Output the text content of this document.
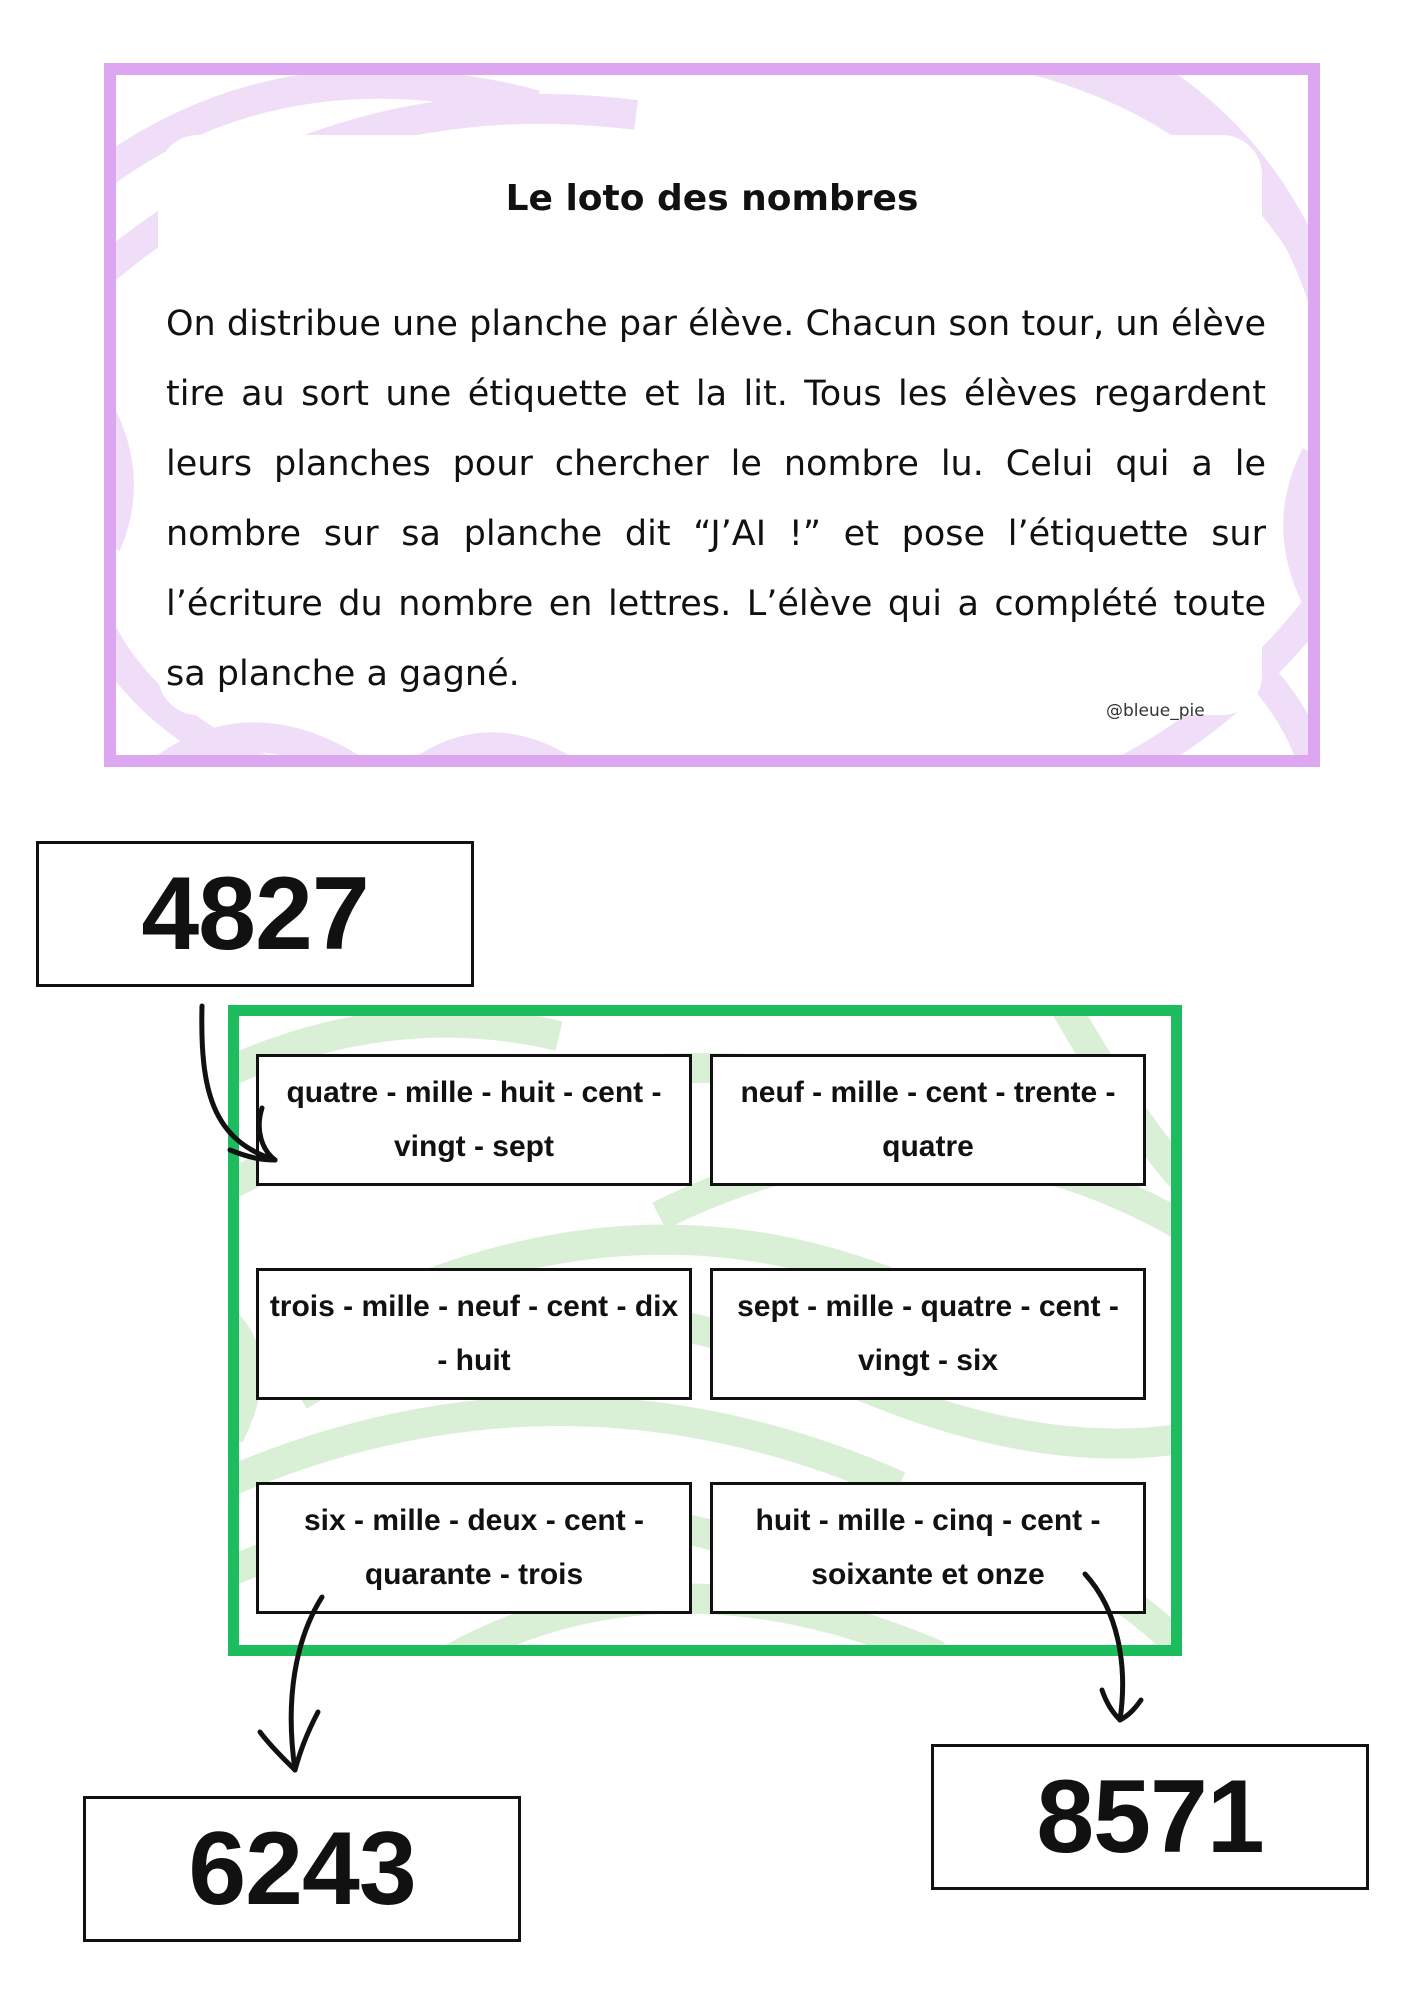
Le loto des nombres

On distribue une planche par élève. Chacun son tour, un élève tire au sort une étiquette et la lit. Tous les élèves regardent leurs planches pour chercher le nombre lu. Celui qui a le nombre sur sa planche dit “J’AI !” et pose l’étiquette sur l’écriture du nombre en lettres. L’élève qui a complété toute sa planche a gagné.

@bleue_pie
4827
6243	8571
quatre - mille - huit - cent - vingt - sept
neuf - mille - cent - trente - quatre
trois - mille - neuf - cent - dix - huit
sept - mille - quatre - cent - vingt - six
six - mille - deux - cent - quarante - trois
huit - mille - cinq - cent - soixante et onze
